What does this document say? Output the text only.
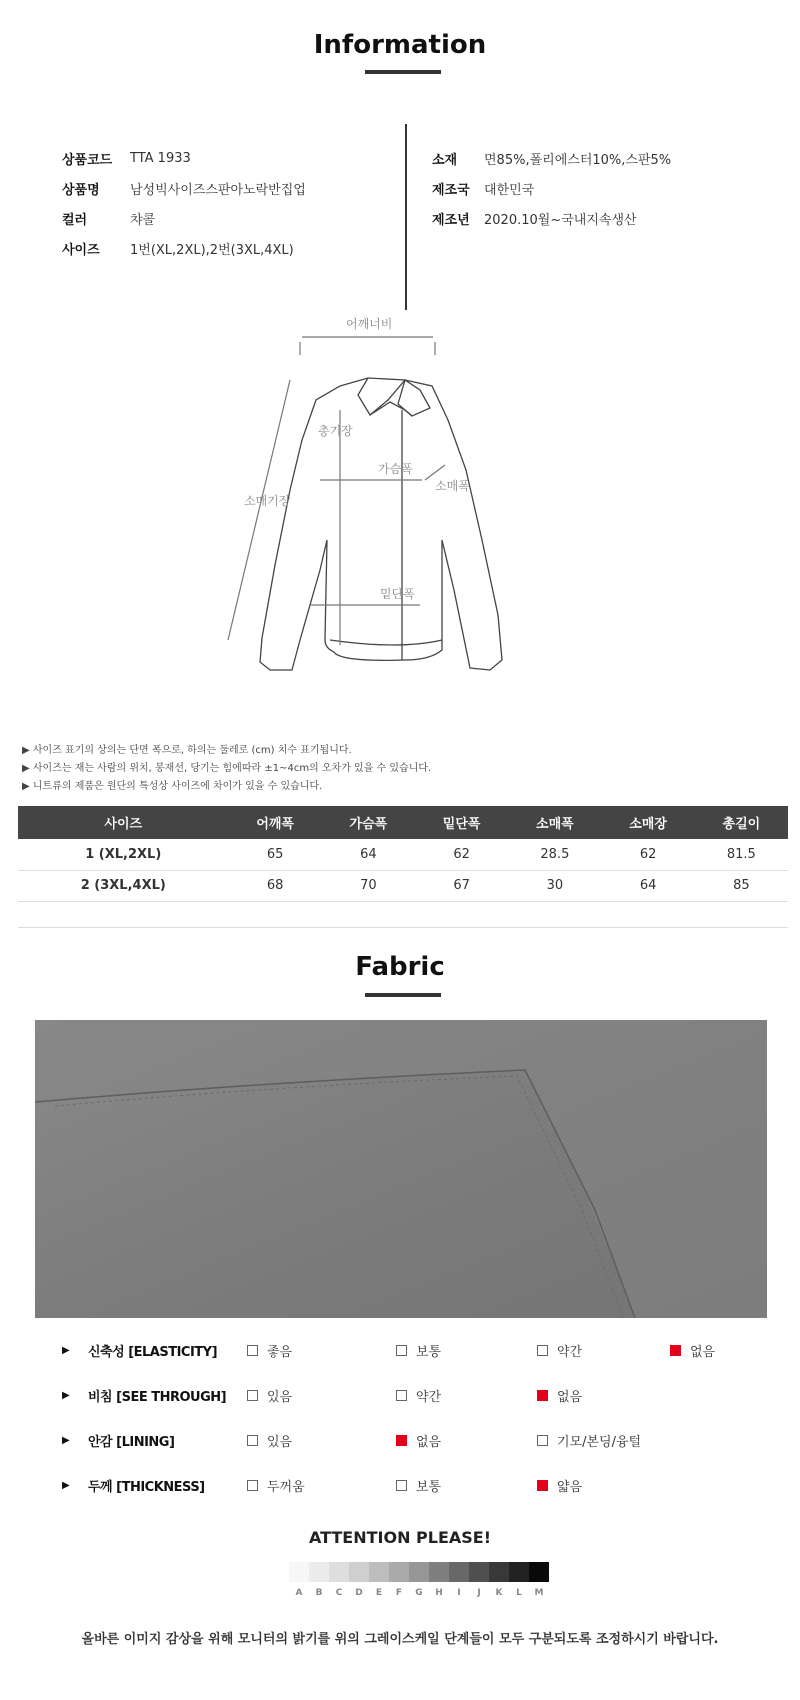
Information
상품코드	TTA 1933
상품명	남성빅사이즈스판아노락반집업
컬러	챠콜
사이즈	1번(XL,2XL),2번(3XL,4XL)
소재	면85%,폴리에스터10%,스판5%
제조국	대한민국
제조년	2020.10월~국내지속생산
어깨너비
총기장
가슴폭
소매폭
소매기장
밑단폭
▶ 사이즈 표기의 상의는 단면 폭으로, 하의는 둘레로 (cm) 치수 표기됩니다.
▶ 사이즈는 재는 사람의 위치, 봉재선, 당기는 힘에따라 ±1~4cm의 오차가 있을 수 있습니다.
▶ 니트류의 제품은 원단의 특성상 사이즈에 차이가 있을 수 있습니다.
사이즈	어깨폭	가슴폭	밑단폭	소매폭	소매장	총길이
1 (XL,2XL)	65	64	62	28.5	62	81.5
2 (3XL,4XL)	68	70	67	30	64	85
Fabric
▶	신축성 [ELASTICITY]	좋음	보통	약간	없음
▶	비침 [SEE THROUGH]	있음	약간	없음
▶	안감 [LINING]	있음	없음	기모/본딩/융털
▶	두께 [THICKNESS]	두꺼움	보통	얇음
ATTENTION PLEASE!
A	B	C	D	E	F	G	H	I	J	K	L	M
올바른 이미지 감상을 위해 모니터의 밝기를 위의 그레이스케일 단계들이 모두 구분되도록 조정하시기 바랍니다.
